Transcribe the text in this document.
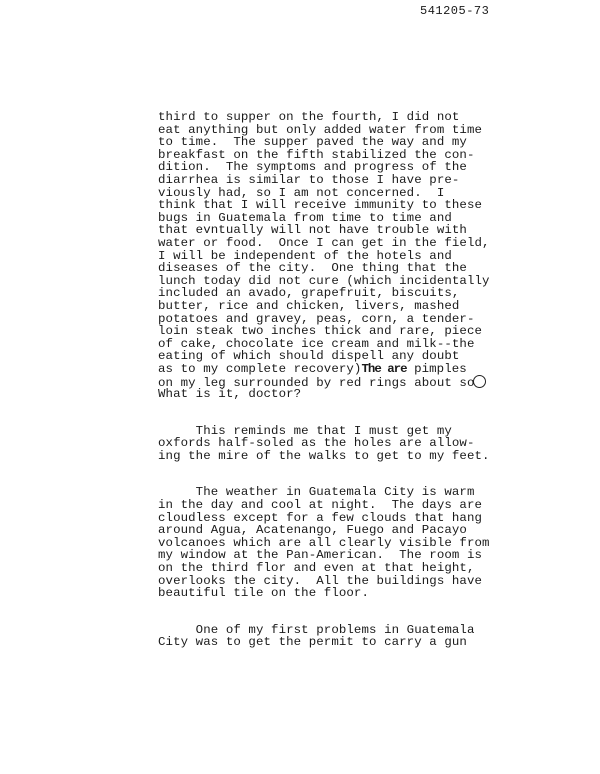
541205-73
third to supper on the fourth, I did not
eat anything but only added water from time
to time.  The supper paved the way and my
breakfast on the fifth stabilized the con-
dition.  The symptoms and progress of the
diarrhea is similar to those I have pre-
viously had, so I am not concerned.  I
think that I will receive immunity to these
bugs in Guatemala from time to time and
that evntually will not have trouble with
water or food.  Once I can get in the field,
I will be independent of the hotels and
diseases of the city.  One thing that the
lunch today did not cure (which incidentally
included an avado, grapefruit, biscuits,
butter, rice and chicken, livers, mashed
potatoes and gravey, peas, corn, a tender-
loin steak two inches thick and rare, piece
of cake, chocolate ice cream and milk--the
eating of which should dispell any doubt
as to my complete recovery)The are pimples
on my leg surrounded by red rings about so
What is it, doctor?
This reminds me that I must get my
oxfords half-soled as the holes are allow-
ing the mire of the walks to get to my feet.
The weather in Guatemala City is warm
in the day and cool at night.  The days are
cloudless except for a few clouds that hang
around Agua, Acatenango, Fuego and Pacayo
volcanoes which are all clearly visible from
my window at the Pan-American.  The room is
on the third flor and even at that height,
overlooks the city.  All the buildings have
beautiful tile on the floor.
One of my first problems in Guatemala
City was to get the permit to carry a gun
